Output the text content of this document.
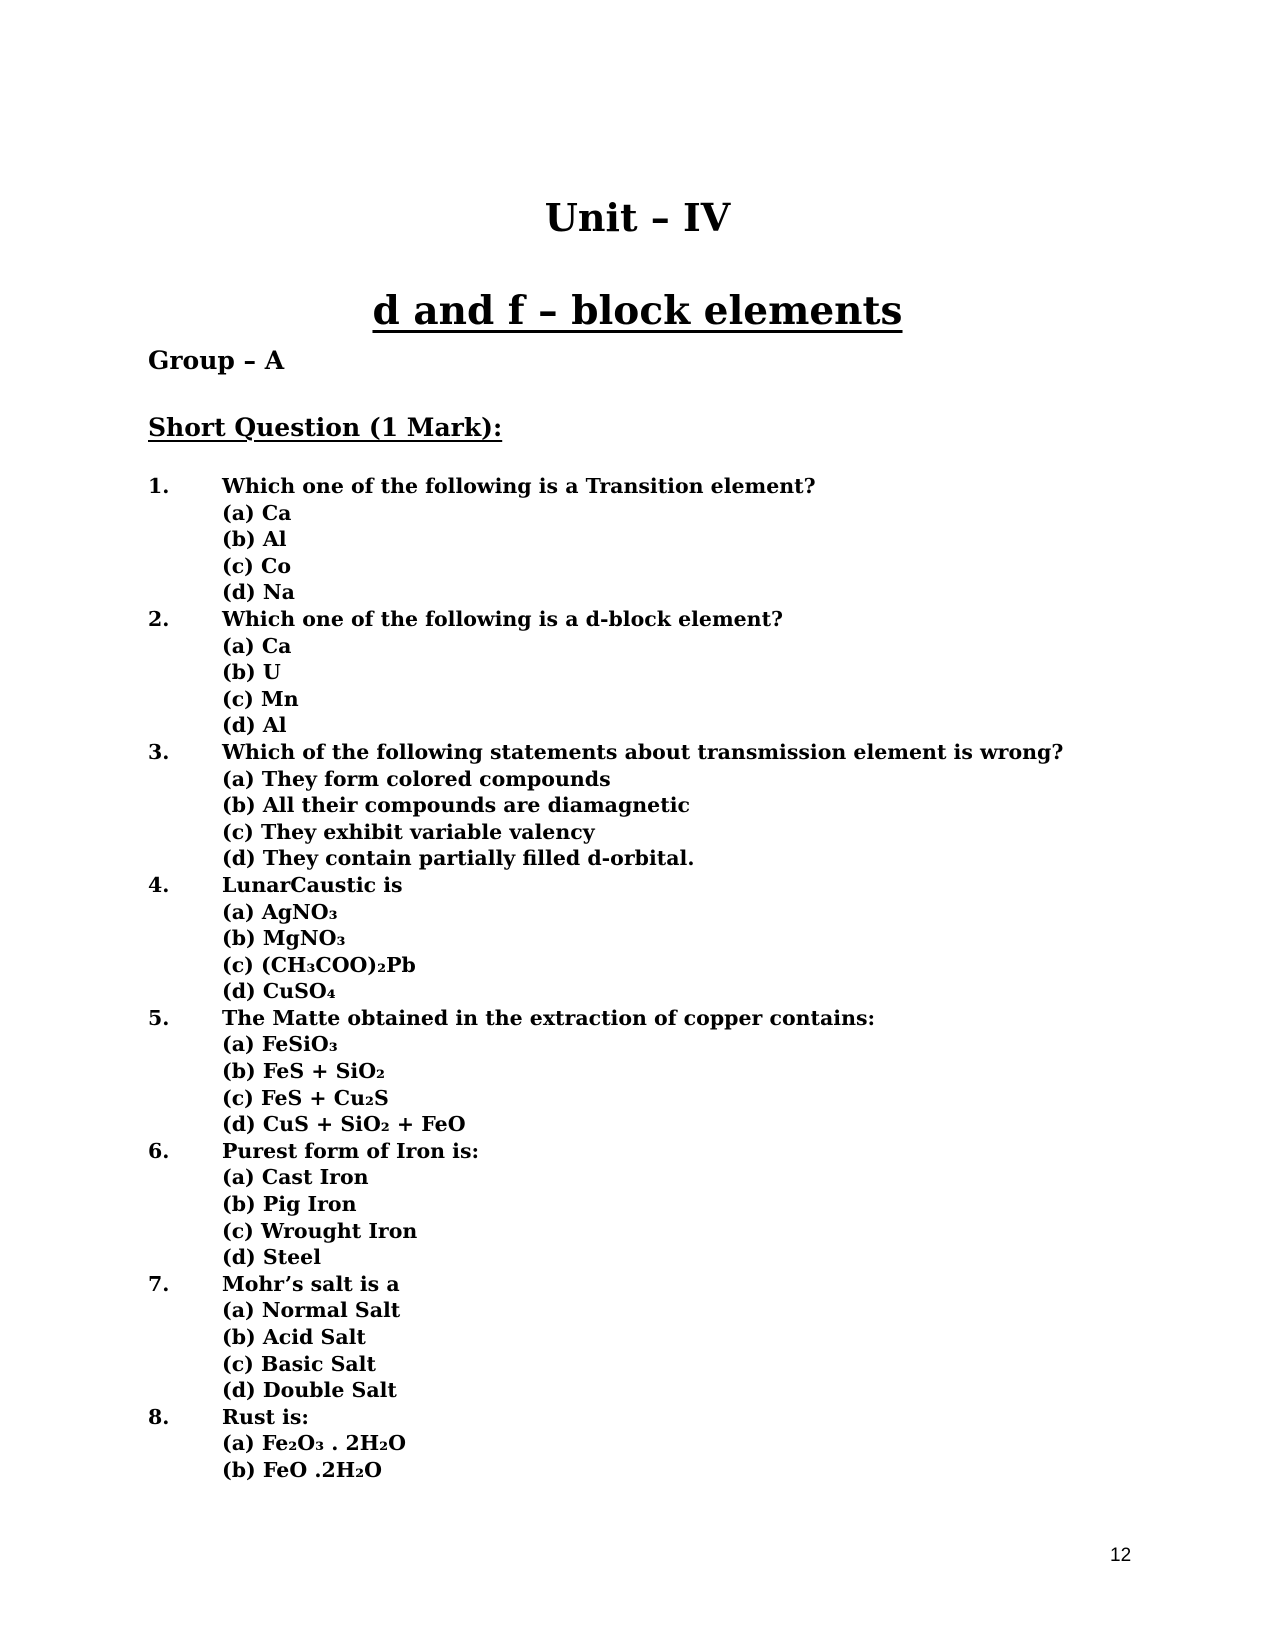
Unit – IV
d and f – block elements
Group – A
Short Question (1 Mark):
1.	Which one of the following is a Transition element?
(a) Ca
(b) Al
(c) Co
(d) Na
2.	Which one of the following is a d-block element?
(a) Ca
(b) U
(c) Mn
(d) Al
3.	Which of the following statements about transmission element is wrong?
(a) They form colored compounds
(b) All their compounds are diamagnetic
(c) They exhibit variable valency
(d) They contain partially filled d-orbital.
4.	LunarCaustic is
(a) AgNO₃
(b) MgNO₃
(c) (CH₃COO)₂Pb
(d) CuSO₄
5.	The Matte obtained in the extraction of copper contains:
(a) FeSiO₃
(b) FeS + SiO₂
(c) FeS + Cu₂S
(d) CuS + SiO₂ + FeO
6.	Purest form of Iron is:
(a) Cast Iron
(b) Pig Iron
(c) Wrought Iron
(d) Steel
7.	Mohr’s salt is a
(a) Normal Salt
(b) Acid Salt
(c) Basic Salt
(d) Double Salt
8.	Rust is:
(a) Fe₂O₃ . 2H₂O
(b) FeO .2H₂O
12
